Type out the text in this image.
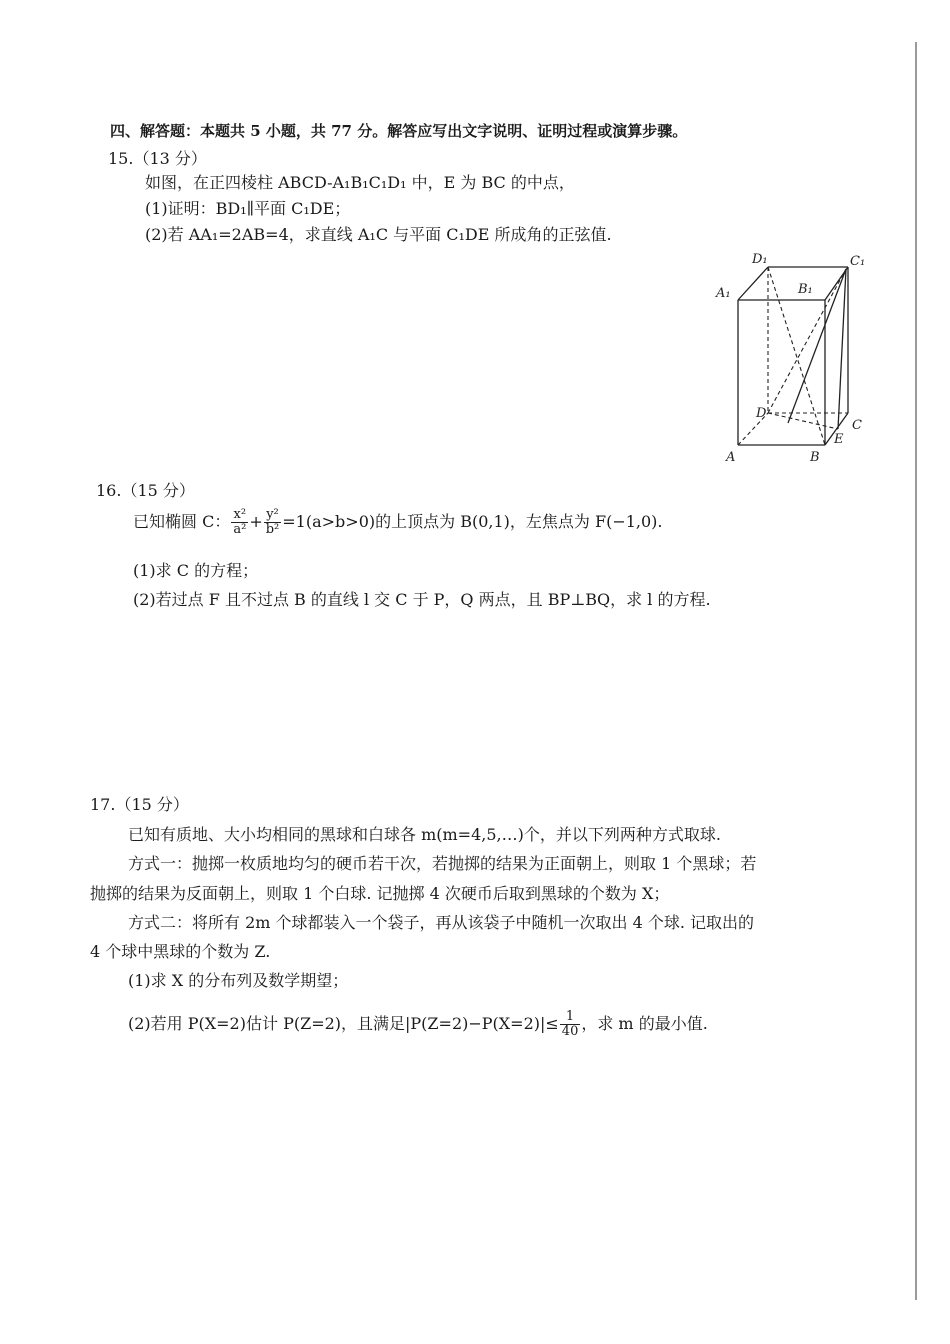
四、解答题：本题共 5 小题，共 77 分。解答应写出文字说明、证明过程或演算步骤。
15.（13 分）
如图，在正四棱柱 ABCD-A₁B₁C₁D₁ 中，E 为 BC 的中点，
(1)证明：BD₁∥平面 C₁DE；
(2)若 AA₁=2AB=4，求直线 A₁C 与平面 C₁DE 所成角的正弦值.
D₁
A₁	B₁
C₁
D
C
E
A	B
16.（15 分）
已知椭圆 C： $\frac{\text{x²}}{\text{a²}} + \frac{\text{y²}}{\text{b²}} =1(a>b>0)$的上顶点为 B(0,1)，左焦点为 F(−1,0).
(1)求 C 的方程；
(2)若过点 F 且不过点 B 的直线 l 交 C 于 P，Q 两点，且 BP⊥BQ，求 l 的方程.
17.（15 分）
已知有质地、大小均相同的黑球和白球各 m(m=4,5,…)个，并以下列两种方式取球.
方式一：抛掷一枚质地均匀的硬币若干次，若抛掷的结果为正面朝上，则取 1 个黑球；若
抛掷的结果为反面朝上，则取 1 个白球. 记抛掷 4 次硬币后取到黑球的个数为 X；
方式二：将所有 2m 个球都装入一个袋子，再从该袋子中随机一次取出 4 个球. 记取出的
4 个球中黑球的个数为 Z.
(1)求 X 的分布列及数学期望；
(2)若用 P(X=2)估计 P(Z=2)，且满足$|P(Z=2)-P(X=2)|\le \frac{1}{40}$ ，求 m 的最小值.
